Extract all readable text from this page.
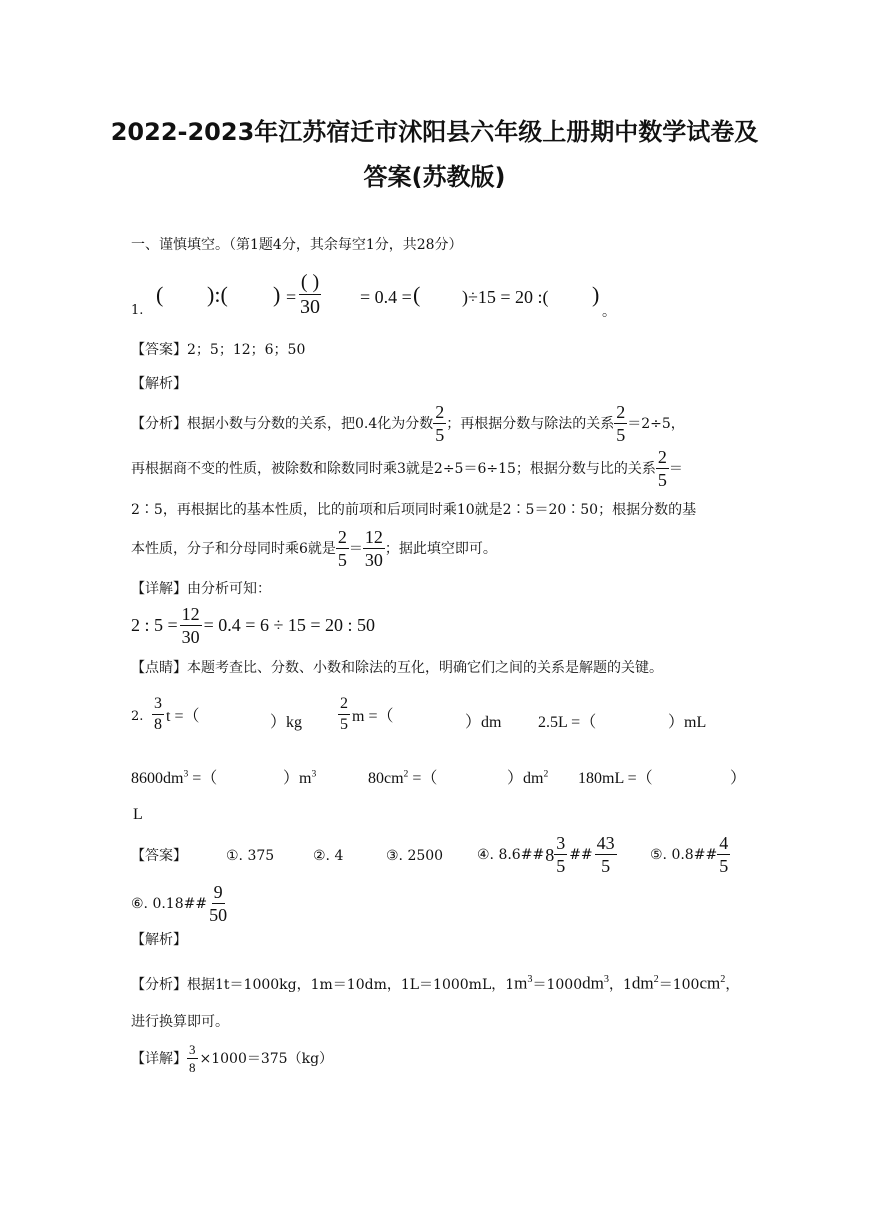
2022-2023年江苏宿迁市沭阳县六年级上册期中数学试卷及
答案(苏教版)
一、谨慎填空。（第1题4分，其余每空1分，共28分）
1.
( ):( ) =
( )
30 = 0.4 = ( )÷15 = 20 :( )
。
【答案】2；5；12；6；50
【解析】
【分析】根据小数与分数的关系，把0.4化为分数 $\frac{2}{5}$ ；再根据分数与除法的关系 $\frac{2}{5} =2\div 5$，
再根据商不变的性质，被除数和除数同时乘3就是2÷5＝6÷15；根据分数与比的关系 $\frac{2}{5}$ ＝
2∶5，再根据比的基本性质，比的前项和后项同时乘10就是2∶5＝20∶50；根据分数的基
本性质，分子和分母同时乘6就是 $\frac{2}{5} = \frac{12}{30}$ ；据此填空即可。
【详解】由分析可知：
2 : $5 = \frac{12}{30} = 0.4 = 6 \div 15 = 20$ : 50
【点睛】本题考查比、分数、小数和除法的互化，明确它们之间的关系是解题的关键。
2. $\frac{3}{8}$ t =（	）$kg \frac{2}{5}$ m =（	）dm 2.5L =（	）mL
$8600dm^3$ =（	）$m^3$	$80cm^2$ =（	）$dm^2$ 180mL =（	）
L
【答案】	①. 375	②. 4	③. 2500 ④. 8.6## $8 \frac{3}{5}$ ## $\frac{43}{5}$ ⑤. 0.8## $\frac{4}{5}$
⑥. 0.18## $\frac{9}{50}$
【解析】
【分析】根据1t＝1000kg，1m＝10dm，1L＝1000mL，1 $m^3 =1000$ $dm^3$ ，1 $dm^2 =100$ $cm^2$ ，
进行换算即可。
【详解】 $\frac{3}{8} \times 1000=375(kg)$
